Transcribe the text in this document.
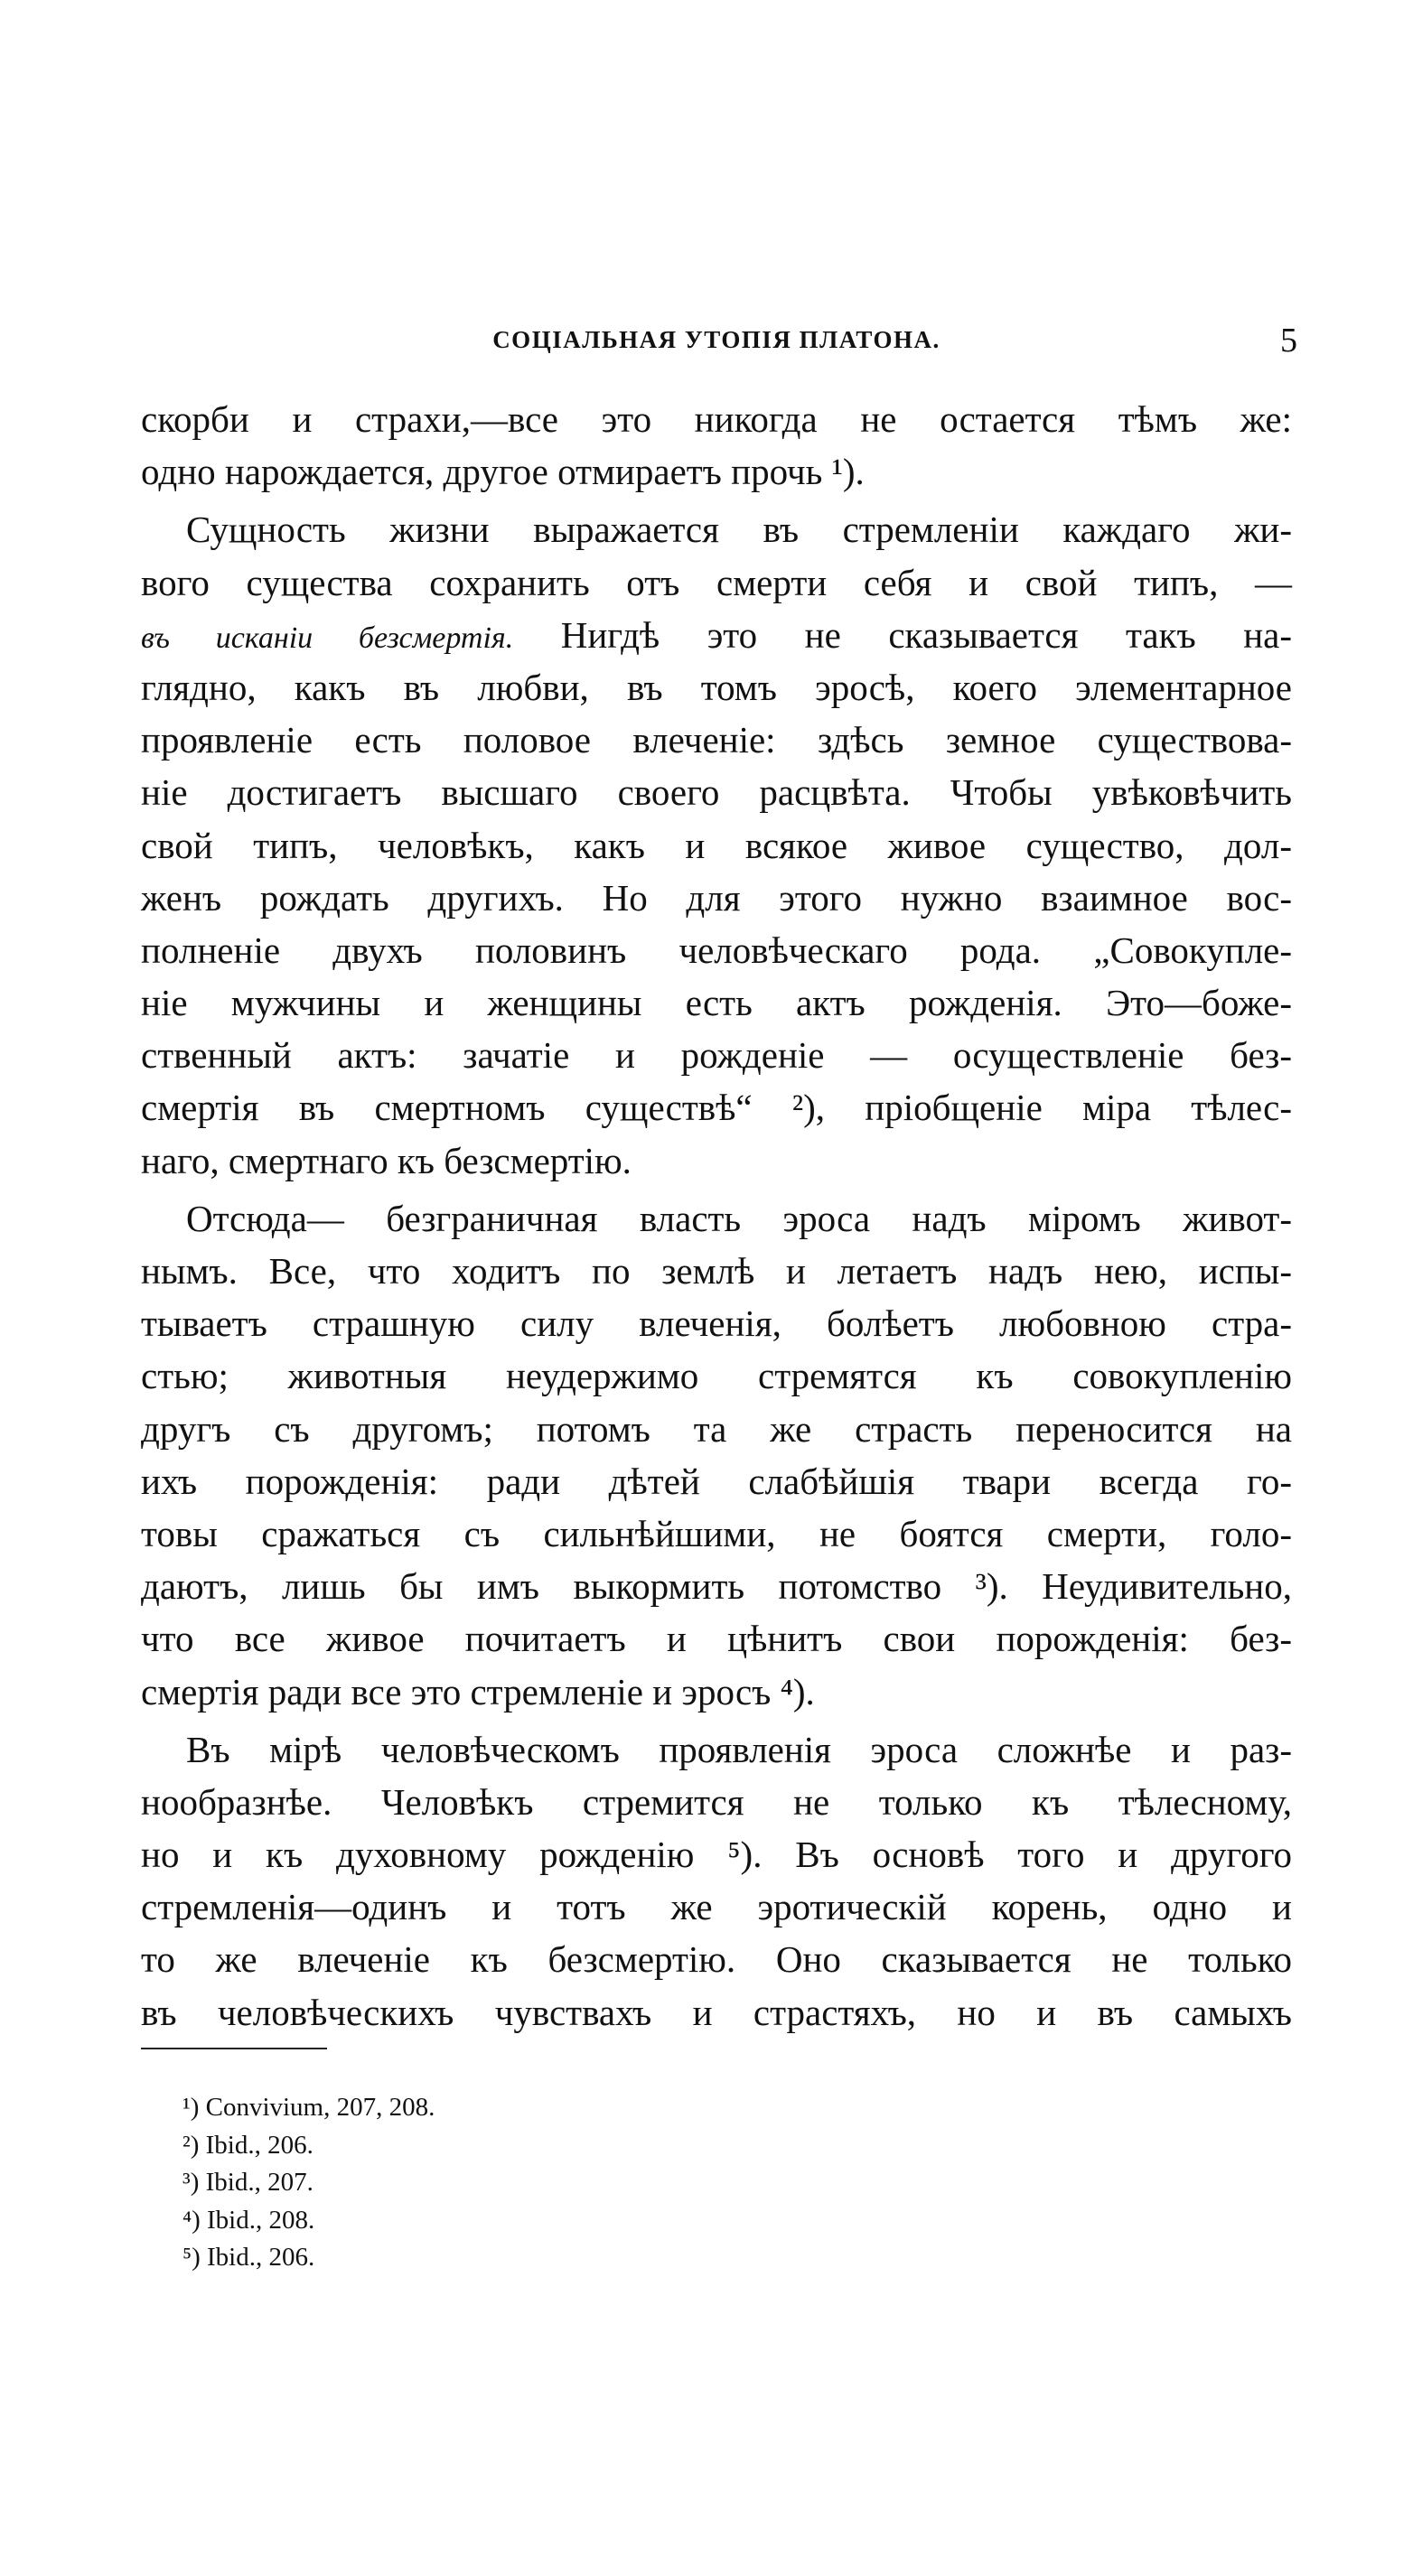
СОЦІАЛЬНАЯ УТОПІЯ ПЛАТОНА.	5
скорби и страхи,—все это никогда не остается тѣмъ же:
одно нарождается, другое отмираетъ прочь ¹).
Сущность жизни выражается въ стремленіи каждаго жи-
вого существа сохранить отъ смерти себя и свой типъ, —
въ исканіи безсмертія. Нигдѣ это не сказывается такъ на-
глядно, какъ въ любви, въ томъ эросѣ, коего элементарное
проявленіе есть половое влеченіе: здѣсь земное существова-
ніе достигаетъ высшаго своего расцвѣта. Чтобы увѣковѣчить
свой типъ, человѣкъ, какъ и всякое живое существо, дол-
женъ рождать другихъ. Но для этого нужно взаимное вос-
полненіе двухъ половинъ человѣческаго рода. „Совокупле-
ніе мужчины и женщины есть актъ рожденія. Это—боже-
ственный актъ: зачатіе и рожденіе — осуществленіе без-
смертія въ смертномъ существѣ“ ²), пріобщеніе міра тѣлес-
наго, смертнаго къ безсмертію.
Отсюда— безграничная власть эроса надъ міромъ живот-
нымъ. Все, что ходитъ по землѣ и летаетъ надъ нею, испы-
тываетъ страшную силу влеченія, болѣетъ любовною стра-
стью; животныя неудержимо стремятся къ совокупленію
другъ съ другомъ; потомъ та же страсть переносится на
ихъ порожденія: ради дѣтей слабѣйшія твари всегда го-
товы сражаться съ сильнѣйшими, не боятся смерти, голо-
даютъ, лишь бы имъ выкормить потомство ³). Неудивительно,
что все живое почитаетъ и цѣнитъ свои порожденія: без-
смертія ради все это стремленіе и эросъ ⁴).
Въ мірѣ человѣческомъ проявленія эроса сложнѣе и раз-
нообразнѣе. Человѣкъ стремится не только къ тѣлесному,
но и къ духовному рожденію ⁵). Въ основѣ того и другого
стремленія—одинъ и тотъ же эротическій корень, одно и
то же влеченіе къ безсмертію. Оно сказывается не только
въ человѣческихъ чувствахъ и страстяхъ, но и въ самыхъ
¹) Convivium, 207, 208.
²) Ibid., 206.
³) Ibid., 207.
⁴) Ibid., 208.
⁵) Ibid., 206.
